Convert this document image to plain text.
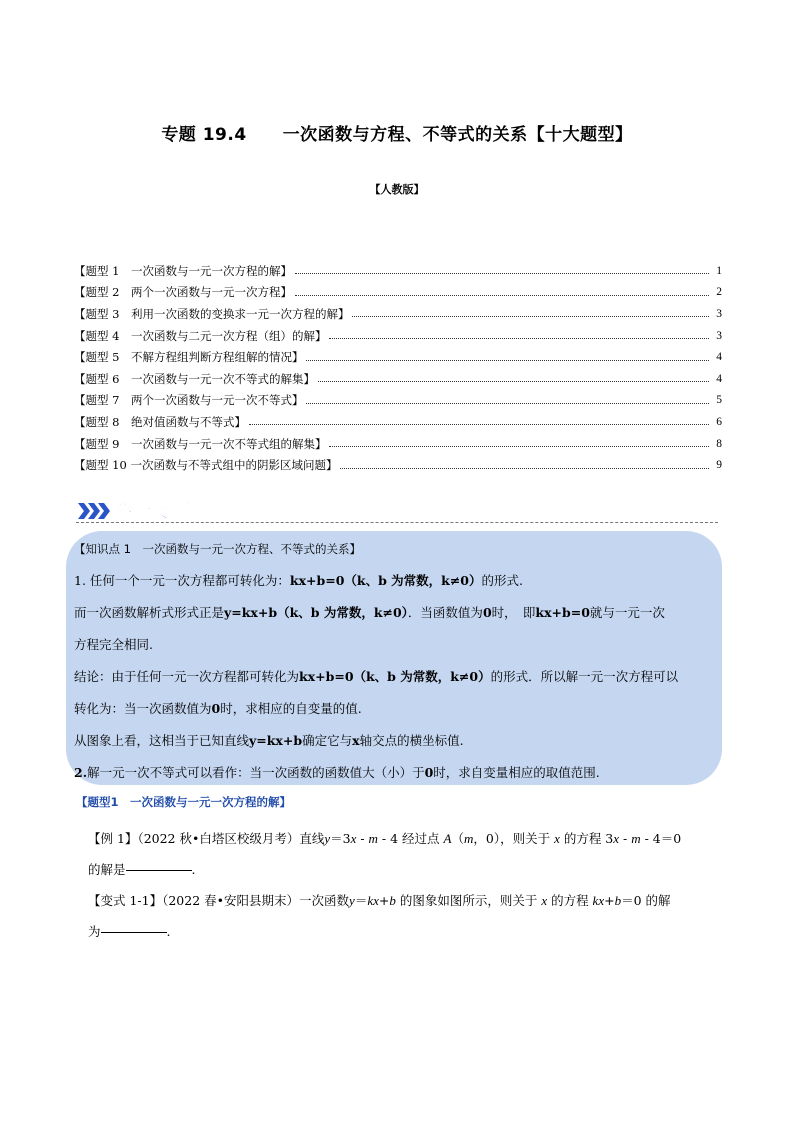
专题 19.4 一次函数与方程、不等式的关系【十大题型】
【人教版】
【题型 1　一次函数与一元一次方程的解】	1
【题型 2　两个一次函数与一元一次方程】	2
【题型 3　利用一次函数的变换求一元一次方程的解】	3
【题型 4　一次函数与二元一次方程（组）的解】	3
【题型 5　不解方程组判断方程组解的情况】	4
【题型 6　一次函数与一元一次不等式的解集】	4
【题型 7　两个一次函数与一元一次不等式】	5
【题型 8　绝对值函数与不等式】	6
【题型 9　一次函数与一元一次不等式组的解集】	8
【题型 10 一次函数与不等式组中的阴影区域问题】	9
举一反三
【知识点 1　一次函数与一元一次方程、不等式的关系】
1. 任何一个一元一次方程都可转化为：kx+b=0（k、b 为常数，k≠0）的形式.
而一次函数解析式形式正是y=kx+b（k、b 为常数，k≠0）．当函数值为0时，　即kx+b=0就与一元一次
方程完全相同.
结论：由于任何一元一次方程都可转化为kx+b=0（k、b 为常数，k≠0）的形式．所以解一元一次方程可以
转化为：当一次函数值为0时，求相应的自变量的值.
从图象上看，这相当于已知直线y=kx+b确定它与x轴交点的横坐标值.
2.解一元一次不等式可以看作：当一次函数的函数值大（小）于0时，求自变量相应的取值范围.
【题型1　一次函数与一元一次方程的解】
【例 1】（2022 秋•白塔区校级月考）直线y＝3x - m - 4 经过点 A（m，0），则关于 x 的方程 3x - m - 4＝0
的解是	.
【变式 1-1】（2022 春•安阳县期末）一次函数y＝kx+b 的图象如图所示，则关于 x 的方程 kx+b＝0 的解
为	.
